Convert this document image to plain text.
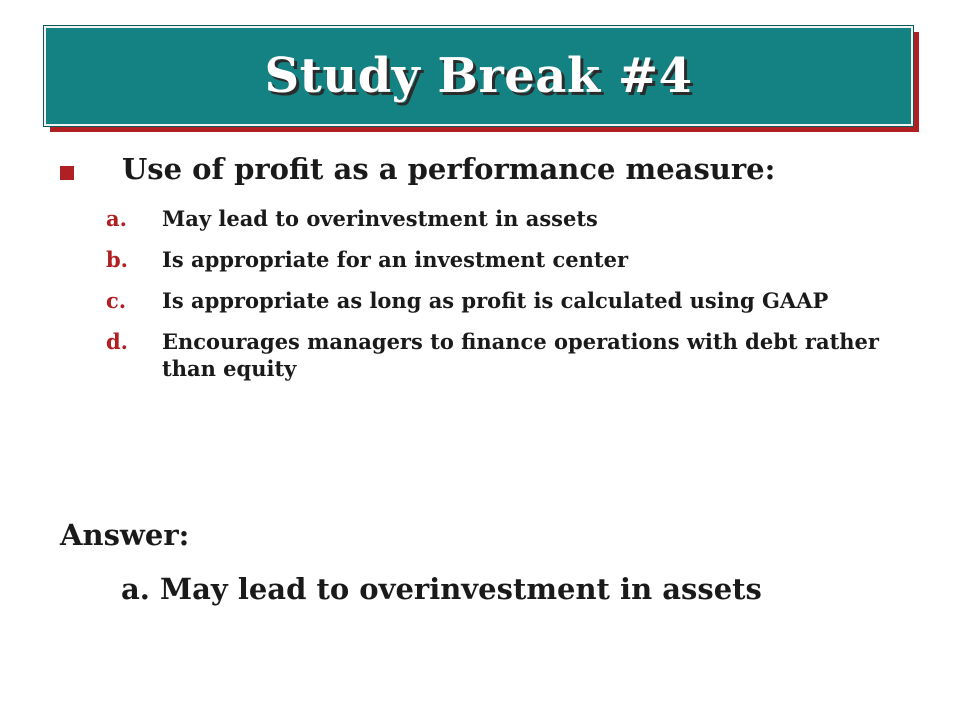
Study Break #4
Use of profit as a performance measure:
a.	May lead to overinvestment in assets
b.	Is appropriate for an investment center
c.	Is appropriate as long as profit is calculated using GAAP
d.	Encourages managers to finance operations with debt rather than equity
Answer:
a. May lead to overinvestment in assets
